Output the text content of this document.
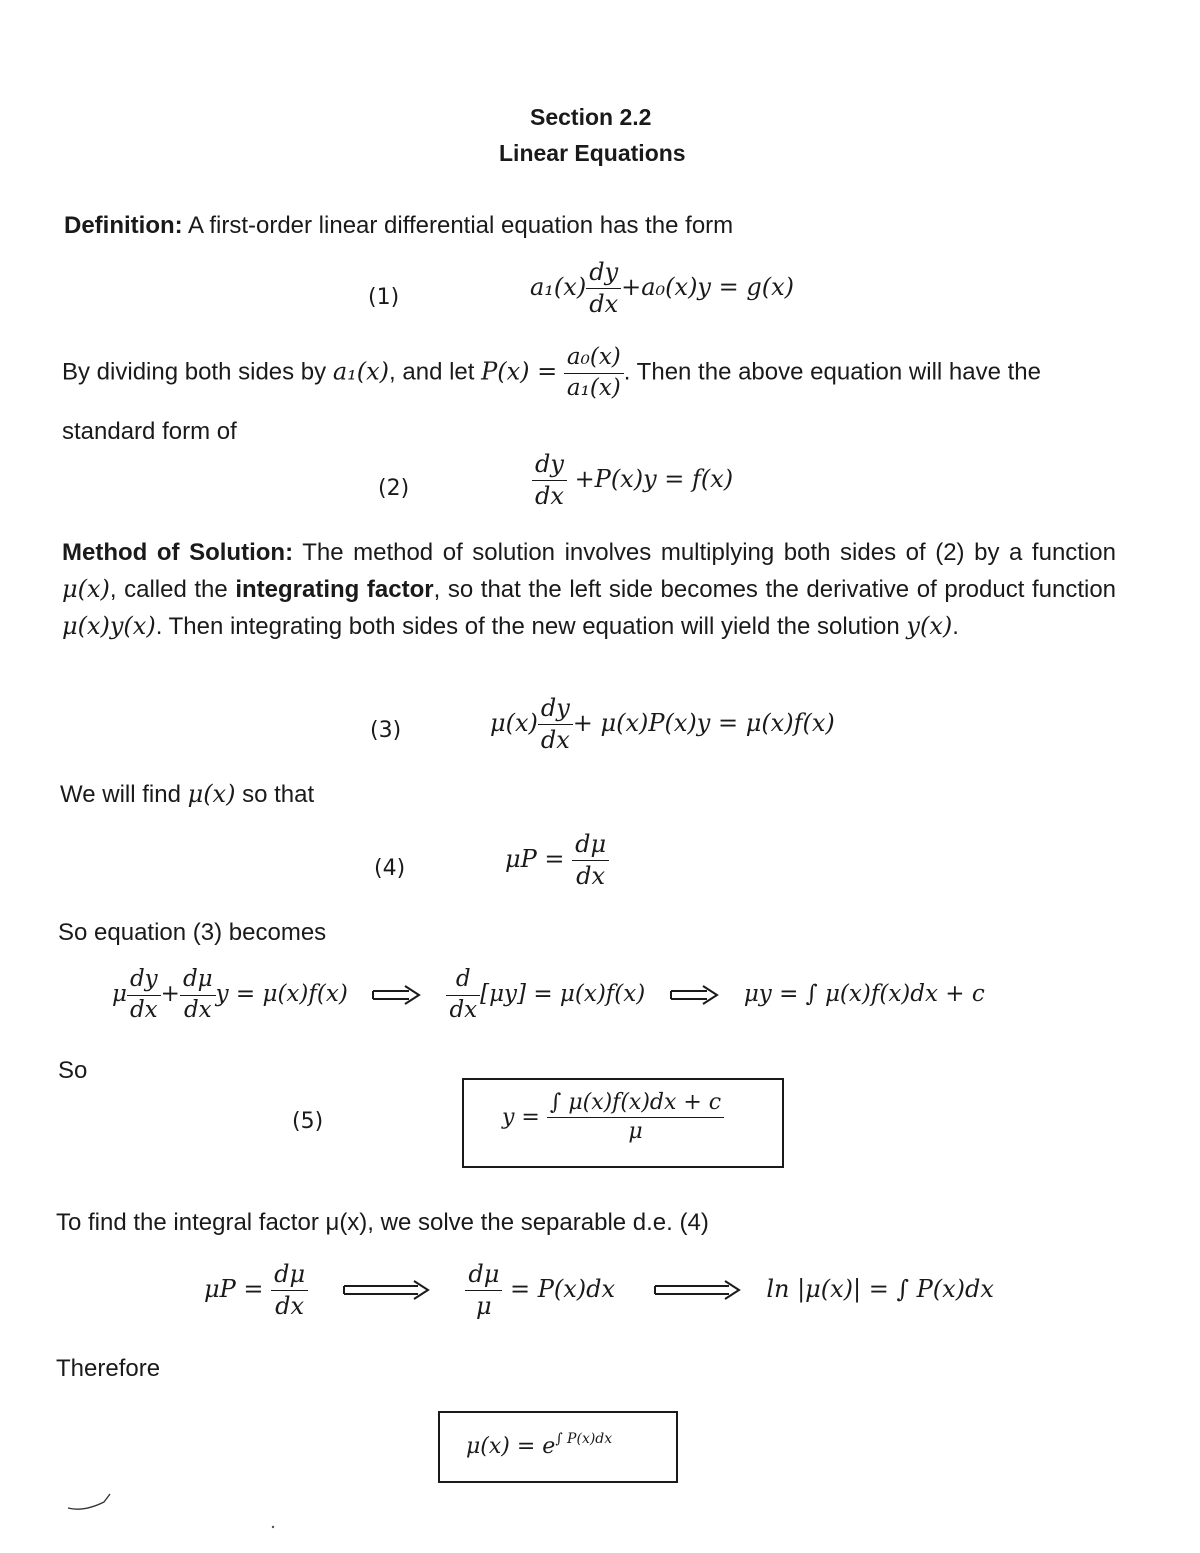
Section 2.2
Linear Equations
Definition: A first-order linear differential equation has the form
(1)	$a_1(x) \frac{dy}{dx} +a_0(x)y = g(x)$
By dividing both sides by a₁(x), and let $P(x) = \frac{\text{a₀(x)}}{\text{a₁(x)}}$ . Then the above equation will have the
standard form of
(2)	$\frac{dy}{dx} +P(x)y = f(x)$
Method of Solution: The method of solution involves multiplying both sides of (2) by a function μ(x), called the integrating factor, so that the left side becomes the derivative of product function μ(x)y(x). Then integrating both sides of the new equation will yield the solution y(x).
(3)	$\mu(x) \frac{dy}{dx} + \mu(x)P(x)y = \mu(x)f(x)$
We will find μ(x) so that
(4)	$\mu P = \frac{d\mu}{dx}$
So equation (3) becomes
μ $\frac{dy}{dx} + \frac{d\mu}{dx}$ y = μ(x)f(x)	$\frac{d}{dx} [\mu y] = \mu(x)f(x)$	μy = ∫ μ(x)f(x)dx + c
So
(5)	$y = \frac{\int \mu(x)f(x)dx + c}{\mu}$
To find the integral factor μ(x), we solve the separable d.e. (4)
$\mu P = \frac{d\mu}{dx}$
	$\frac{d\mu}{\mu} = P(x)dx$	ln |μ(x)| = ∫ P(x)dx
Therefore
$\mu(x) = e^{\int P(x)dx}$
